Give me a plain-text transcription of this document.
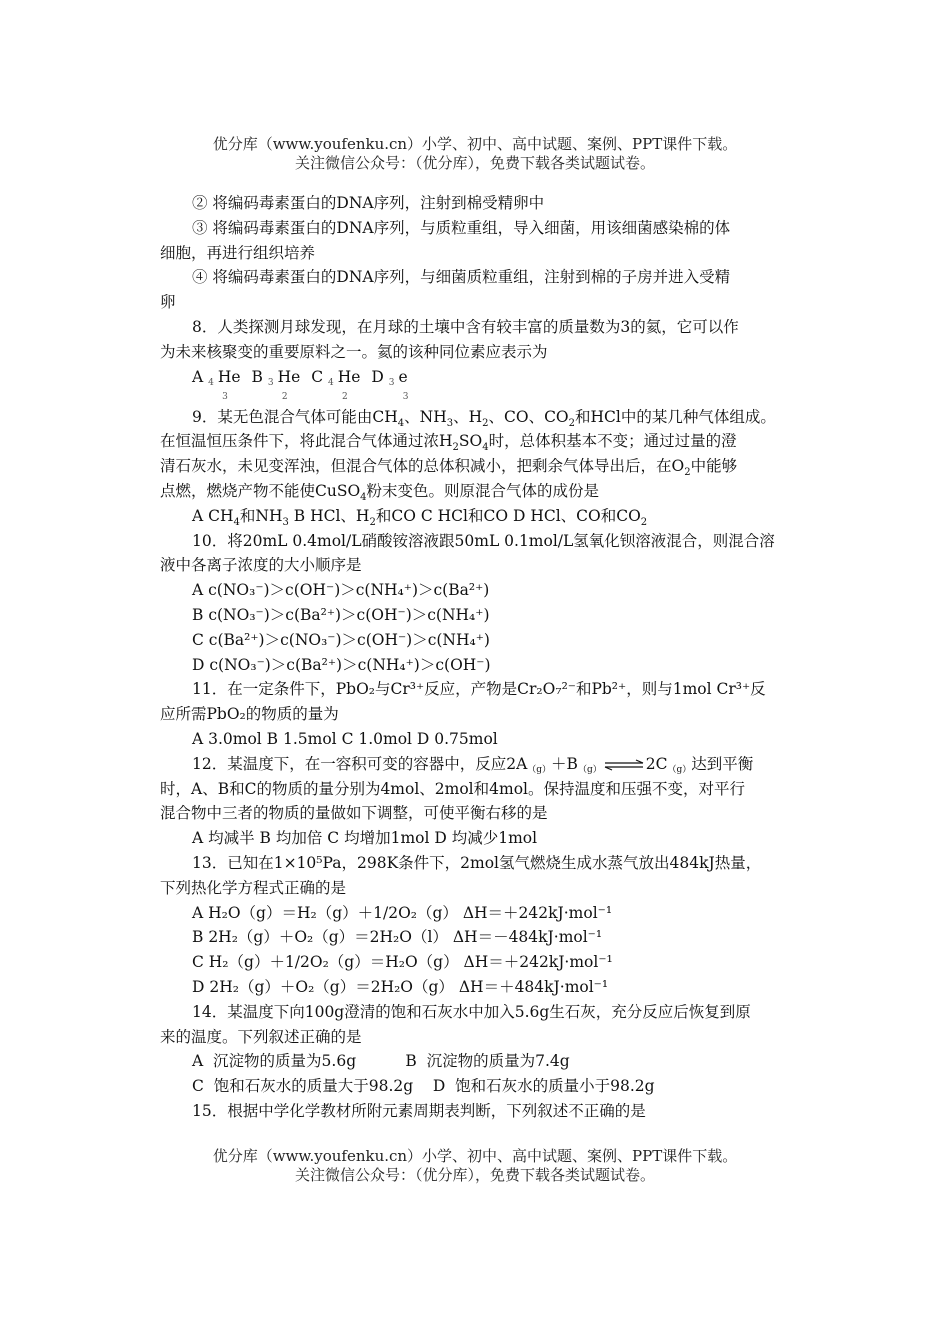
优分库（www.youfenku.cn）小学、初中、高中试题、案例、PPT课件下载。
关注微信公众号：（优分库），免费下载各类试题试卷。
② 将编码毒素蛋白的DNA序列，注射到棉受精卵中
③ 将编码毒素蛋白的DNA序列，与质粒重组，导入细菌，用该细菌感染棉的体
细胞，再进行组织培养
④ 将编码毒素蛋白的DNA序列，与细菌质粒重组，注射到棉的子房并进入受精
卵
8．人类探测月球发现，在月球的土壤中含有较丰富的质量数为3的氦，它可以作
为未来核聚变的重要原料之一。氦的该种同位素应表示为
A 4
3
He B 3
2
He C 4
2
He D 3
3
e
9．某无色混合气体可能由$CH_4$、$NH_3$、$H_2$、CO、$CO_2$和HCl中的某几种气体组成。
在恒温恒压条件下，将此混合气体通过浓$H_2SO_4$时，总体积基本不变；通过过量的澄
清石灰水，未见变浑浊，但混合气体的总体积减小，把剩余气体导出后，在$O_2$中能够
点燃，燃烧产物不能使CuSO$_4$粉末变色。则原混合气体的成份是
A $CH_4$和$NH_3$ B HCl、$H_2$和CO C HCl和CO D HCl、CO和$CO_2$
10．将20mL 0.4mol/L硝酸铵溶液跟50mL 0.1mol/L氢氧化钡溶液混合，则混合溶
液中各离子浓度的大小顺序是
A c(NO₃⁻)＞c(OH⁻)＞c(NH₄⁺)＞c(Ba²⁺)
B c(NO₃⁻)＞c(Ba²⁺)＞c(OH⁻)＞c(NH₄⁺)
C c(Ba²⁺)＞c(NO₃⁻)＞c(OH⁻)＞c(NH₄⁺)
D c(NO₃⁻)＞c(Ba²⁺)＞c(NH₄⁺)＞c(OH⁻)
11．在一定条件下，PbO₂与Cr³⁺反应，产物是Cr₂O₇²⁻和Pb²⁺，则与1mol Cr³⁺反
应所需PbO₂的物质的量为
A 3.0mol B 1.5mol C 1.0mol D 0.75mol
12．某温度下，在一容积可变的容器中，反应2A（g）＋B（g）⇌2C（g）达到平衡
时，A、B和C的物质的量分别为4mol、2mol和4mol。保持温度和压强不变，对平行
混合物中三者的物质的量做如下调整，可使平衡右移的是
A 均减半 B 均加倍 C 均增加1mol D 均减少1mol
13．已知在1×10⁵Pa，298K条件下，2mol氢气燃烧生成水蒸气放出484kJ热量，
下列热化学方程式正确的是
A H₂O（g）＝H₂（g）＋1/2O₂（g） ΔH＝＋242kJ·mol⁻¹
B 2H₂（g）＋O₂（g）＝2H₂O（l） ΔH＝－484kJ·mol⁻¹
C H₂（g）＋1/2O₂（g）＝H₂O（g） ΔH＝＋242kJ·mol⁻¹
D 2H₂（g）＋O₂（g）＝2H₂O（g） ΔH＝＋484kJ·mol⁻¹
14．某温度下向100g澄清的饱和石灰水中加入5.6g生石灰，充分反应后恢复到原
来的温度。下列叙述正确的是
A  沉淀物的质量为5.6g          B  沉淀物的质量为7.4g
C  饱和石灰水的质量大于98.2g    D  饱和石灰水的质量小于98.2g
15．根据中学化学教材所附元素周期表判断，下列叙述不正确的是
优分库（www.youfenku.cn）小学、初中、高中试题、案例、PPT课件下载。
关注微信公众号：（优分库），免费下载各类试题试卷。
